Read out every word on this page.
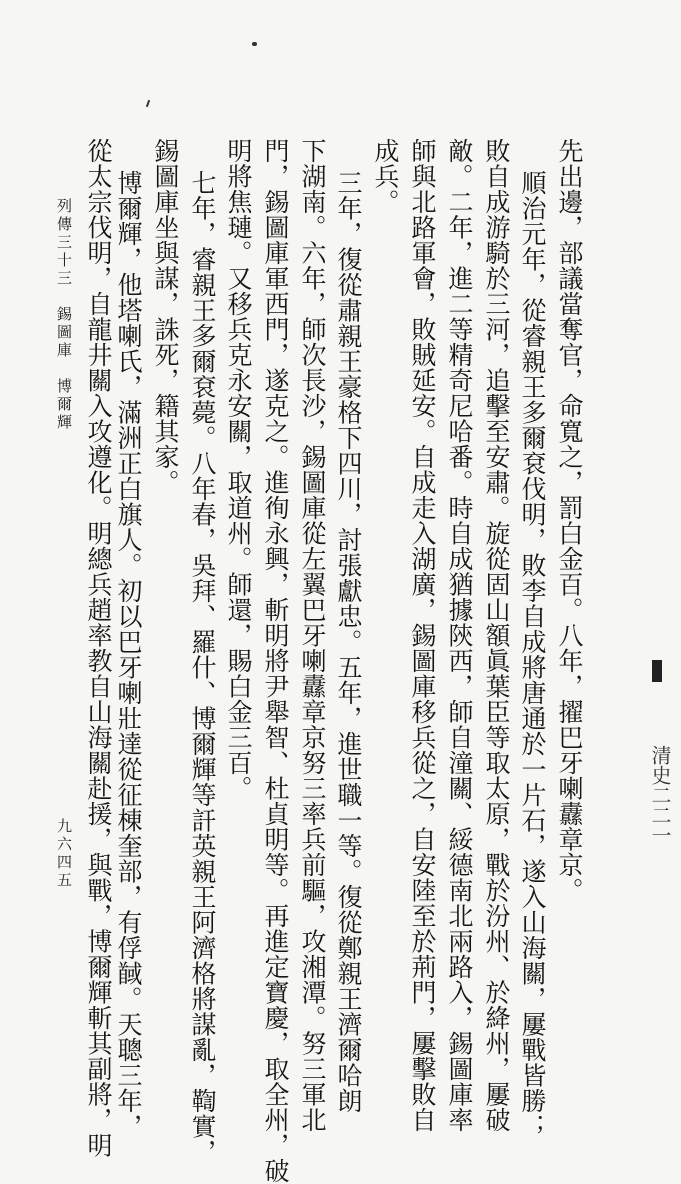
先出邊，部議當奪官，命寬之，罰白金百。八年，擢巴牙喇纛章京。
順治元年，從睿親王多爾袞伐明，敗李自成將唐通於一片石，遂入山海關，屢戰皆勝；
敗自成游騎於三河，追擊至安肅。旋從固山額眞葉臣等取太原，戰於汾州、於絳州，屢破
敵。二年，進二等精奇尼哈番。時自成猶據陝西，師自潼關、綏德南北兩路入，錫圖庫率
師與北路軍會，敗賊延安。自成走入湖廣，錫圖庫移兵從之，自安陸至於荊門，屢擊敗自
成兵。
三年，復從肅親王豪格下四川，討張獻忠。五年，進世職一等。復從鄭親王濟爾哈朗
下湖南。六年，師次長沙，錫圖庫從左翼巴牙喇纛章京努三率兵前驅，攻湘潭。努三軍北
門，錫圖庫軍西門，遂克之。進徇永興，斬明將尹舉智、杜貞明等。再進定寶慶，取全州，破
明將焦璉。又移兵克永安關，取道州。師還，賜白金三百。
七年，睿親王多爾袞薨。八年春，吳拜、羅什、博爾輝等訐英親王阿濟格將謀亂，鞫實，
錫圖庫坐與謀，誅死，籍其家。
博爾輝，他塔喇氏，滿洲正白旗人。初以巴牙喇壯達從征棟奎部，有俘馘。天聰三年，
從太宗伐明，自龍井關入攻遵化。明總兵趙率教自山海關赴援，與戰，博爾輝斬其副將，明
列傳三十三　錫圖庫　博爾輝
九六四五
清史二二一
